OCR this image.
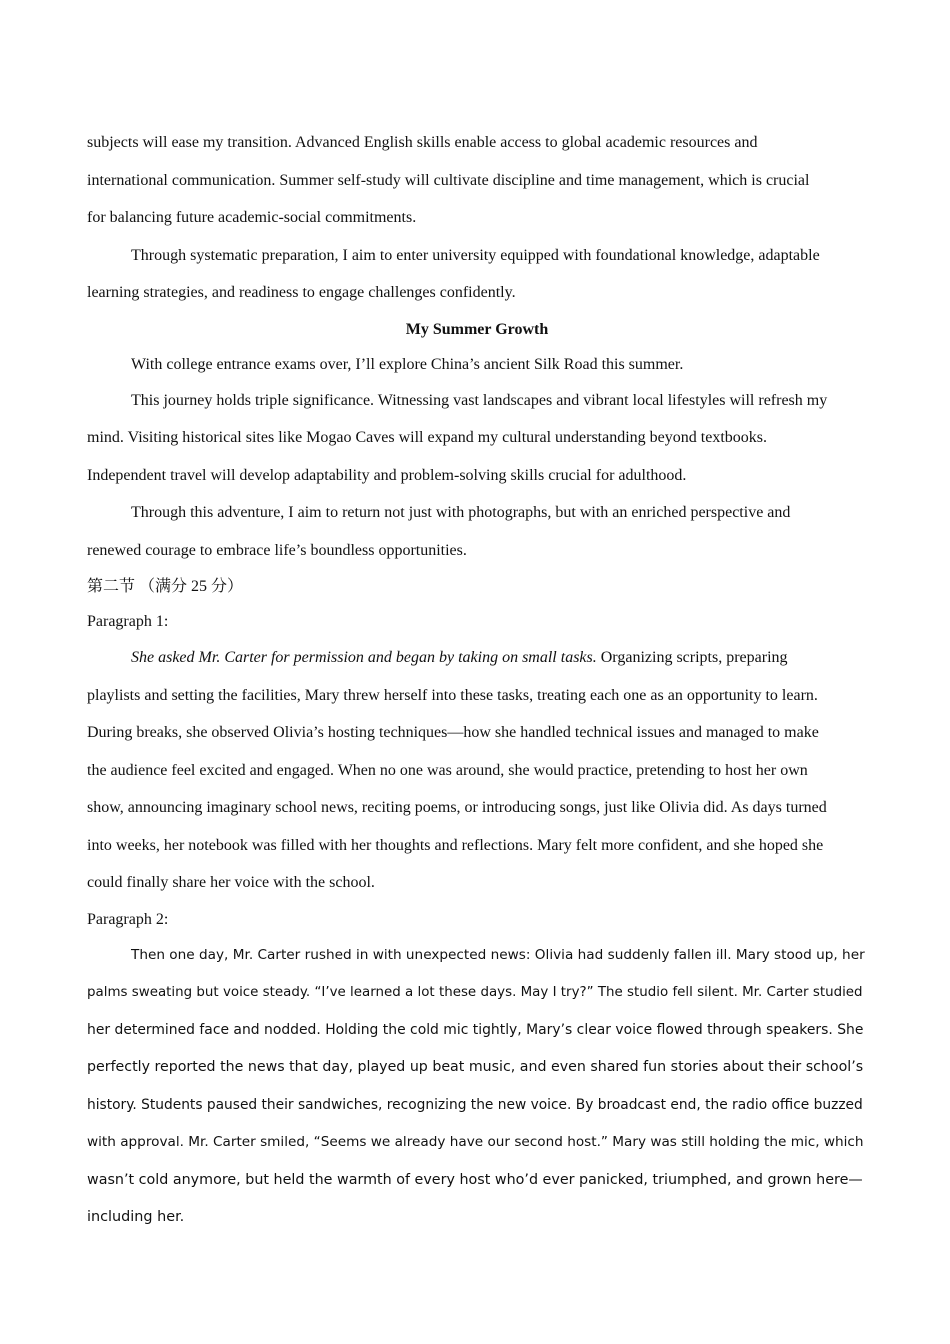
subjects will ease my transition. Advanced English skills enable access to global academic resources and
international communication. Summer self-study will cultivate discipline and time management, which is crucial
for balancing future academic-social commitments.
Through systematic preparation, I aim to enter university equipped with foundational knowledge, adaptable
learning strategies, and readiness to engage challenges confidently.
My Summer Growth
With college entrance exams over, I’ll explore China’s ancient Silk Road this summer.
This journey holds triple significance. Witnessing vast landscapes and vibrant local lifestyles will refresh my
mind. Visiting historical sites like Mogao Caves will expand my cultural understanding beyond textbooks.
Independent travel will develop adaptability and problem-solving skills crucial for adulthood.
Through this adventure, I aim to return not just with photographs, but with an enriched perspective and
renewed courage to embrace life’s boundless opportunities.
第二节 （满分 25 分）
Paragraph 1:
She asked Mr. Carter for permission and began by taking on small tasks. Organizing scripts, preparing
playlists and setting the facilities, Mary threw herself into these tasks, treating each one as an opportunity to learn.
During breaks, she observed Olivia’s hosting techniques—how she handled technical issues and managed to make
the audience feel excited and engaged. When no one was around, she would practice, pretending to host her own
show, announcing imaginary school news, reciting poems, or introducing songs, just like Olivia did. As days turned
into weeks, her notebook was filled with her thoughts and reflections. Mary felt more confident, and she hoped she
could finally share her voice with the school.
Paragraph 2:
Then one day, Mr. Carter rushed in with unexpected news: Olivia had suddenly fallen ill. Mary stood up, her
palms sweating but voice steady. “I’ve learned a lot these days. May I try?” The studio fell silent. Mr. Carter studied
her determined face and nodded. Holding the cold mic tightly, Mary’s clear voice flowed through speakers. She
perfectly reported the news that day, played up beat music, and even shared fun stories about their school’s
history. Students paused their sandwiches, recognizing the new voice. By broadcast end, the radio office buzzed
with approval. Mr. Carter smiled, “Seems we already have our second host.” Mary was still holding the mic, which
wasn’t cold anymore, but held the warmth of every host who’d ever panicked, triumphed, and grown here—
including her.
